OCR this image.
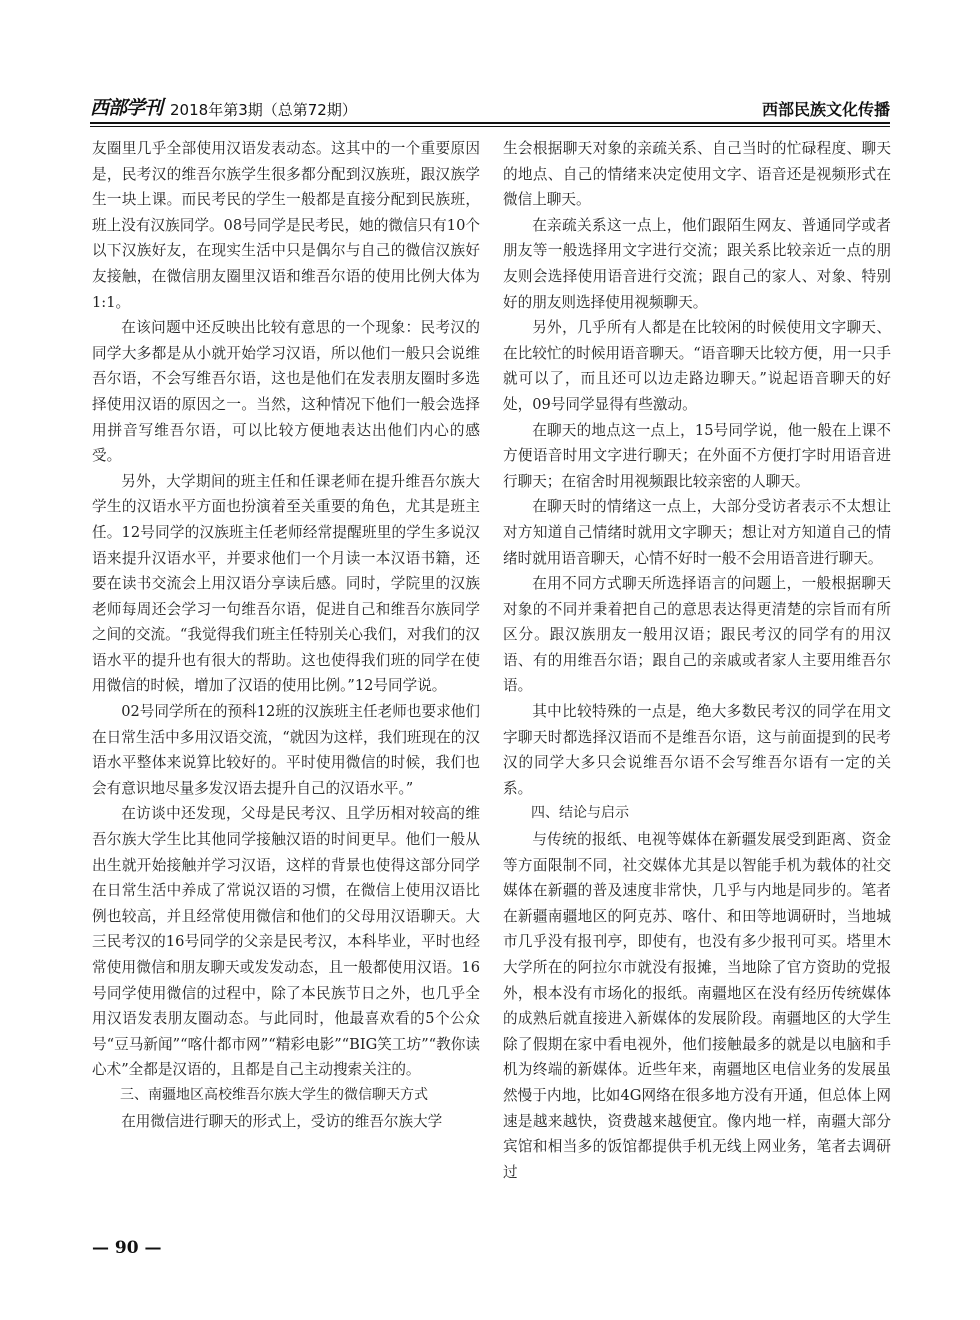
西部学刊 2018年第3期（总第72期）	西部民族文化传播

友圈里几乎全部使用汉语发表动态。这其中的一个重要原因是，民考汉的维吾尔族学生很多都分配到汉族班，跟汉族学生一块上课。而民考民的学生一般都是直接分配到民族班，班上没有汉族同学。08号同学是民考民，她的微信只有10个以下汉族好友，在现实生活中只是偶尔与自己的微信汉族好友接触，在微信朋友圈里汉语和维吾尔语的使用比例大体为1:1。

在该问题中还反映出比较有意思的一个现象：民考汉的同学大多都是从小就开始学习汉语，所以他们一般只会说维吾尔语，不会写维吾尔语，这也是他们在发表朋友圈时多选择使用汉语的原因之一。当然，这种情况下他们一般会选择用拼音写维吾尔语，可以比较方便地表达出他们内心的感受。

另外，大学期间的班主任和任课老师在提升维吾尔族大学生的汉语水平方面也扮演着至关重要的角色，尤其是班主任。12号同学的汉族班主任老师经常提醒班里的学生多说汉语来提升汉语水平，并要求他们一个月读一本汉语书籍，还要在读书交流会上用汉语分享读后感。同时，学院里的汉族老师每周还会学习一句维吾尔语，促进自己和维吾尔族同学之间的交流。“我觉得我们班主任特别关心我们，对我们的汉语水平的提升也有很大的帮助。这也使得我们班的同学在使用微信的时候，增加了汉语的使用比例。”12号同学说。

02号同学所在的预科12班的汉族班主任老师也要求他们在日常生活中多用汉语交流，“就因为这样，我们班现在的汉语水平整体来说算比较好的。平时使用微信的时候，我们也会有意识地尽量多发汉语去提升自己的汉语水平。”

在访谈中还发现，父母是民考汉、且学历相对较高的维吾尔族大学生比其他同学接触汉语的时间更早。他们一般从出生就开始接触并学习汉语，这样的背景也使得这部分同学在日常生活中养成了常说汉语的习惯，在微信上使用汉语比例也较高，并且经常使用微信和他们的父母用汉语聊天。大三民考汉的16号同学的父亲是民考汉，本科毕业，平时也经常使用微信和朋友聊天或发发动态，且一般都使用汉语。16号同学使用微信的过程中，除了本民族节日之外，也几乎全用汉语发表朋友圈动态。与此同时，他最喜欢看的5个公众号“豆马新闻”“喀什都市网”“精彩电影”“BIG笑工坊”“教你读心术”全都是汉语的，且都是自己主动搜索关注的。

三、南疆地区高校维吾尔族大学生的微信聊天方式

在用微信进行聊天的形式上，受访的维吾尔族大学

生会根据聊天对象的亲疏关系、自己当时的忙碌程度、聊天的地点、自己的情绪来决定使用文字、语音还是视频形式在微信上聊天。

在亲疏关系这一点上，他们跟陌生网友、普通同学或者朋友等一般选择用文字进行交流；跟关系比较亲近一点的朋友则会选择使用语音进行交流；跟自己的家人、对象、特别好的朋友则选择使用视频聊天。

另外，几乎所有人都是在比较闲的时候使用文字聊天、在比较忙的时候用语音聊天。“语音聊天比较方便，用一只手就可以了，而且还可以边走路边聊天。”说起语音聊天的好处，09号同学显得有些激动。

在聊天的地点这一点上，15号同学说，他一般在上课不方便语音时用文字进行聊天；在外面不方便打字时用语音进行聊天；在宿舍时用视频跟比较亲密的人聊天。

在聊天时的情绪这一点上，大部分受访者表示不太想让对方知道自己情绪时就用文字聊天；想让对方知道自己的情绪时就用语音聊天，心情不好时一般不会用语音进行聊天。

在用不同方式聊天所选择语言的问题上，一般根据聊天对象的不同并秉着把自己的意思表达得更清楚的宗旨而有所区分。跟汉族朋友一般用汉语；跟民考汉的同学有的用汉语、有的用维吾尔语；跟自己的亲戚或者家人主要用维吾尔语。

其中比较特殊的一点是，绝大多数民考汉的同学在用文字聊天时都选择汉语而不是维吾尔语，这与前面提到的民考汉的同学大多只会说维吾尔语不会写维吾尔语有一定的关系。

四、结论与启示

与传统的报纸、电视等媒体在新疆发展受到距离、资金等方面限制不同，社交媒体尤其是以智能手机为载体的社交媒体在新疆的普及速度非常快，几乎与内地是同步的。笔者在新疆南疆地区的阿克苏、喀什、和田等地调研时，当地城市几乎没有报刊亭，即使有，也没有多少报刊可买。塔里木大学所在的阿拉尔市就没有报摊，当地除了官方资助的党报外，根本没有市场化的报纸。南疆地区在没有经历传统媒体的成熟后就直接进入新媒体的发展阶段。南疆地区的大学生除了假期在家中看电视外，他们接触最多的就是以电脑和手机为终端的新媒体。近些年来，南疆地区电信业务的发展虽然慢于内地，比如4G网络在很多地方没有开通，但总体上网速是越来越快，资费越来越便宜。像内地一样，南疆大部分宾馆和相当多的饭馆都提供手机无线上网业务，笔者去调研过

— 90 —
